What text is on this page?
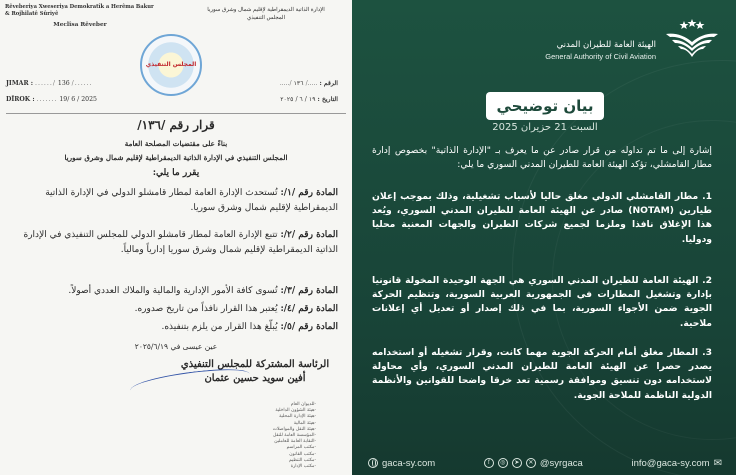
Rêveberiya Xweseriya Demokratîk a Herêma Bakur & Rojhilatê Sûriyê
Meclîsa Rêveber
الإدارة الذاتية الديمقراطية لإقليم شمال وشرق سوريا
المجلس التنفيذي
المجلس التنفيذي
JIMAR : ....../ 136 /......
DÎROK : ....... 19/ 6 / 2025
الرقم : ...../ ١٣٦ /.....
التاريخ : ١٩ / ٦ / ٢٠٢٥
قرار رقم /١٣٦/
بناءً على مقتضيات المصلحة العامة
المجلس التنفيذي في الإدارة الذاتية الديمقراطية لإقليم شمال وشرق سوريا
يقرر ما يلي:
المادة رقم /١/: تُستحدث الإدارة العامة لمطار قامشلو الدولي في الإدارة الذاتية الديمقراطية لإقليم شمال وشرق سوريا.
المادة رقم /٢/: تتبع الإدارة العامة لمطار قامشلو الدولي للمجلس التنفيذي في الإدارة الذاتية الديمقراطية لإقليم شمال وشرق سوريا إدارياً ومالياً.
المادة رقم /٣/: تُسوى كافة الأمور الإدارية والمالية والملاك العددي أصولاً.
المادة رقم /٤/: يُعتبر هذا القرار نافذاً من تاريخ صدوره.
المادة رقم /٥/: يُبلّغ هذا القرار من يلزم بتنفيذه.
عين عيسى في ٢٠٢٥/٦/١٩
الرئاسة المشتركة للمجلس التنفيذي
أفين سويد حسين عثمان
-للديوان العام
-هيئة الشؤون الداخلية
-هيئة الإدارة المحلية
-هيئة المالية
-هيئة النقل والمواصلات
-المؤسسة العامة للنقل
-النقابة العامة للعاملين
-مكتب المراسم
-مكتب القانون
-مكتب التنظيم
-مكتب الإدارة
الهيئة العامة للطيران المدني
General Authority of Civil Aviation
بيان توضيحي
السبت 21 حزيران 2025
إشارة إلى ما تم تداوله من قرار صادر عن ما يعرف بـ "الإدارة الذاتية" بخصوص إدارة مطار القامشلي، تؤكد الهيئة العامة للطيران المدني السوري ما يلي:
1. مطار القامشلي الدولي مغلق حاليا لأسباب تشغيلية، وذلك بموجب إعلان طيارين (NOTAM) صادر عن الهيئة العامة للطيران المدني السوري، ويُعد هذا الإغلاق نافذا وملزما لجميع شركات الطيران والجهات المعنية محليا ودوليا.
2. الهيئة العامة للطيران المدني السوري هي الجهة الوحيدة المخولة قانونيا بإدارة وتشغيل المطارات في الجمهورية العربية السورية، وتنظيم الحركة الجوية ضمن الأجواء السورية، بما في ذلك إصدار أو تعديل أي إعلانات ملاحية.
3. المطار مغلق أمام الحركة الجوية مهما كانت، وقرار تشغيله أو استخدامه يصدر حصرا عن الهيئة العامة للطيران المدني السوري، وأي محاولة لاستخدامه دون تنسيق وموافقة رسمية تعد خرقا واضحا للقوانين والأنظمة الدولية الناظمة للملاحة الجوية.
gaca-sy.com	f	◎	➤	✕ @syrgaca	info@gaca-sy.com ✉
